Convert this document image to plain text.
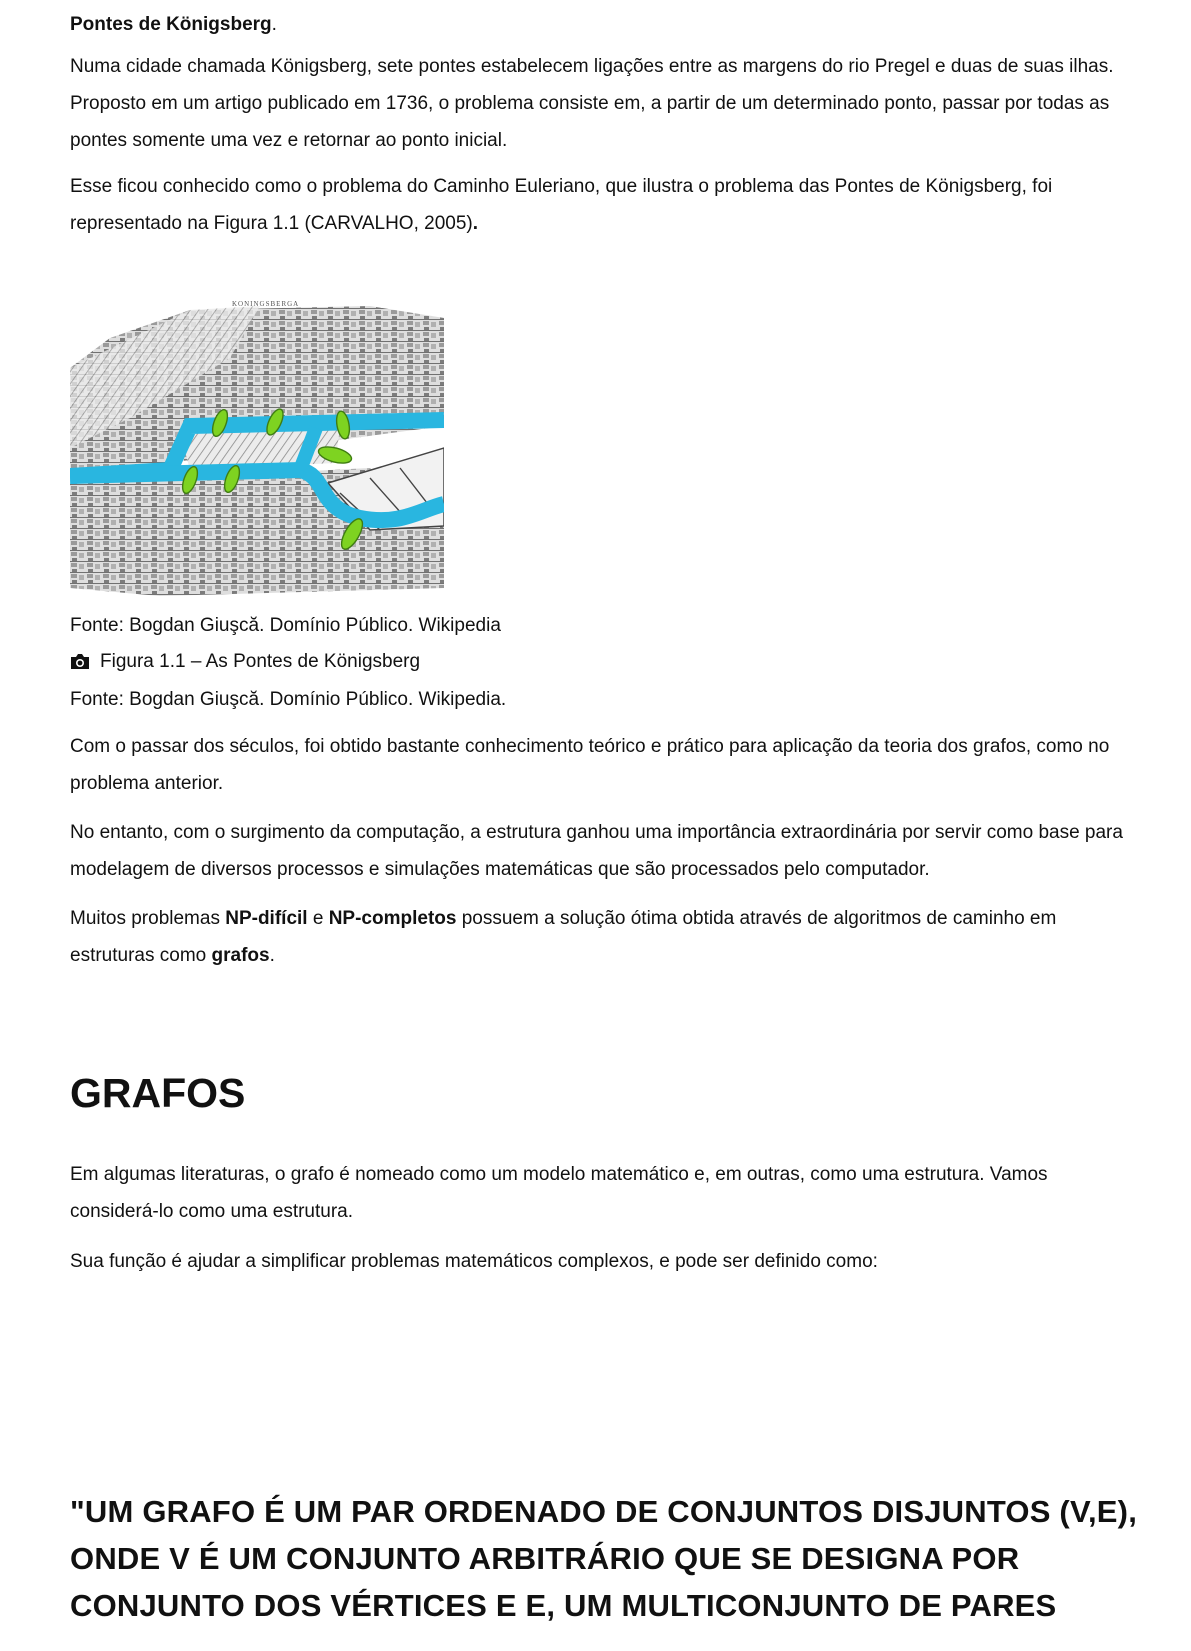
Pontes de Königsberg.

Numa cidade chamada Königsberg, sete pontes estabelecem ligações entre as margens do rio Pregel e duas de suas ilhas. Proposto em um artigo publicado em 1736, o problema consiste em, a partir de um determinado ponto, passar por todas as pontes somente uma vez e retornar ao ponto inicial.

Esse ficou conhecido como o problema do Caminho Euleriano, que ilustra o problema das Pontes de Königsberg, foi representado na Figura 1.1 (CARVALHO, 2005).

KONINGSBERGA
Fonte: Bogdan Giuşcă. Domínio Público. Wikipedia
Figura 1.1 – As Pontes de Königsberg
Fonte: Bogdan Giuşcă. Domínio Público. Wikipedia.

Com o passar dos séculos, foi obtido bastante conhecimento teórico e prático para aplicação da teoria dos grafos, como no problema anterior.

No entanto, com o surgimento da computação, a estrutura ganhou uma importância extraordinária por servir como base para modelagem de diversos processos e simulações matemáticas que são processados pelo computador.

Muitos problemas NP-difícil e NP-completos possuem a solução ótima obtida através de algoritmos de caminho em estruturas como grafos.

GRAFOS

Em algumas literaturas, o grafo é nomeado como um modelo matemático e, em outras, como uma estrutura. Vamos considerá-lo como uma estrutura.

Sua função é ajudar a simplificar problemas matemáticos complexos, e pode ser definido como:

"UM GRAFO É UM PAR ORDENADO DE CONJUNTOS DISJUNTOS (V,E), ONDE V É UM CONJUNTO ARBITRÁRIO QUE SE DESIGNA POR CONJUNTO DOS VÉRTICES E E, UM MULTICONJUNTO DE PARES
